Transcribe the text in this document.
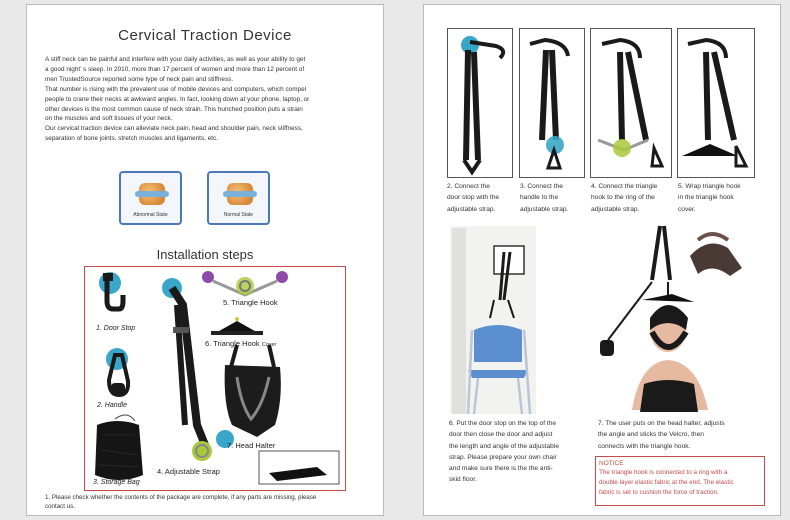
Cervical Traction Device

A stiff neck can be painful and interfere with your daily activities, as well as your ability to get

a good night’ s sleep. In 2010, more than 17 percent of women and more than 12 percent of

men TrustedSource reported some type of neck pain and stiffness.

That number is rising with the prevalent use of mobile devices and computers, which compel

people to crane their necks at awkward angles. In fact, looking down at your phone, laptop, or

other devices is the most common cause of neck strain. This hunched position puts a strain

on the muscles and soft tissues of your neck.

Our cervical traction device can alleviate neck pain, head and shoulder pain, neck stiffness,

separation of bone joints, stretch muscles and ligaments, etc.

Abnormal State	Normal State
Installation steps
1. Door Stop
2. Handle
3. Storage Bag
4. Adjustable Strap
5. Triangle Hook
6. Triangle Hook Cover
7. Head Halter
1. Please check whether the contents of the package are complete, if any parts are missing, please
contact us.
2. Connect the
door stop with the
adjustable strap.
3. Connect the
handle to the
adjustable strap.
4. Connect the triangle
hook to the ring of the
adjustable strap.
5. Wrap triangle hook
in the triangle hook
cover.
6. Put the door stop on the top of the
door then close the door and adjust
the length and angle of the adjustable
strap. Please prepare your own chair
and make sure there is the the anti-
skid floor.
7. The user puts on the head halter, adjusts
the angle and sticks the Velcro, then
connects with the triangle hook.
NOTICE
The triangle hook is connected to a ring with a
double layer elastic fabric at the end. The elastic
fabric is set to cushion the force of traction.
